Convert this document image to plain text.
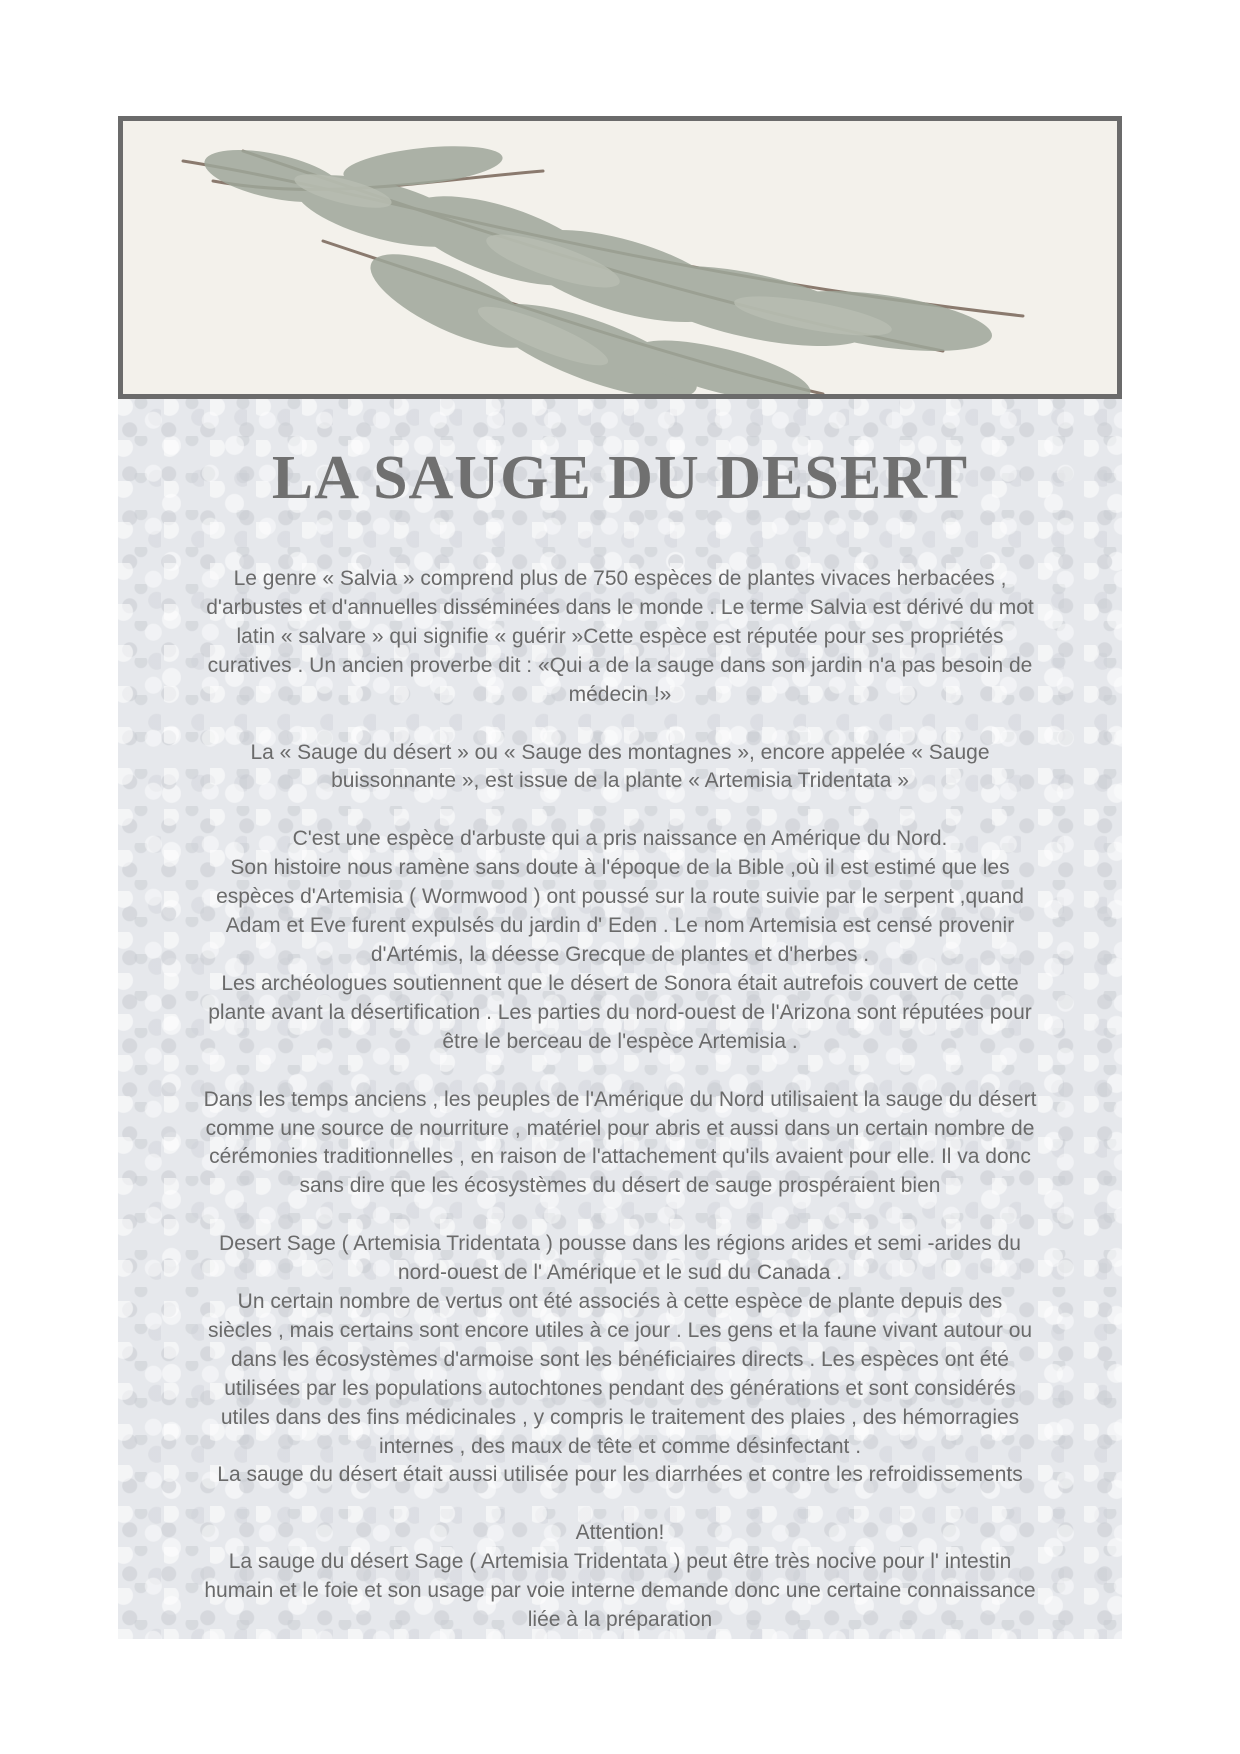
LA SAUGE DU DESERT

Le genre « Salvia » comprend plus de 750 espèces de plantes vivaces herbacées ,
d'arbustes et d'annuelles disséminées dans le monde . Le terme Salvia est dérivé du mot
latin « salvare » qui signifie « guérir »Cette espèce est réputée pour ses propriétés
curatives . Un ancien proverbe dit : «Qui a de la sauge dans son jardin n'a pas besoin de
médecin !»

La « Sauge du désert » ou « Sauge des montagnes », encore appelée « Sauge
buissonnante », est issue de la plante « Artemisia Tridentata »

C'est une espèce d'arbuste qui a pris naissance en Amérique du Nord.
Son histoire nous ramène sans doute à l'époque de la Bible ,où il est estimé que les
espèces d'Artemisia ( Wormwood ) ont poussé sur la route suivie par le serpent ,quand
Adam et Eve furent expulsés du jardin d' Eden . Le nom Artemisia est censé provenir
d'Artémis, la déesse Grecque de plantes et d'herbes .
Les archéologues soutiennent que le désert de Sonora était autrefois couvert de cette
plante avant la désertification . Les parties du nord-ouest de l'Arizona sont réputées pour
être le berceau de l'espèce Artemisia .

Dans les temps anciens , les peuples de l'Amérique du Nord utilisaient la sauge du désert
comme une source de nourriture , matériel pour abris et aussi dans un certain nombre de
cérémonies traditionnelles , en raison de l'attachement qu'ils avaient pour elle. Il va donc
sans dire que les écosystèmes du désert de sauge prospéraient bien

Desert Sage ( Artemisia Tridentata ) pousse dans les régions arides et semi -arides du
nord-ouest de l' Amérique et le sud du Canada .
Un certain nombre de vertus ont été associés à cette espèce de plante depuis des
siècles , mais certains sont encore utiles à ce jour . Les gens et la faune vivant autour ou
dans les écosystèmes d'armoise sont les bénéficiaires directs . Les espèces ont été
utilisées par les populations autochtones pendant des générations et sont considérés
utiles dans des fins médicinales , y compris le traitement des plaies , des hémorragies
internes , des maux de tête et comme désinfectant .
La sauge du désert était aussi utilisée pour les diarrhées et contre les refroidissements

Attention!
La sauge du désert Sage ( Artemisia Tridentata ) peut être très nocive pour l' intestin
humain et le foie et son usage par voie interne demande donc une certaine connaissance
liée à la préparation
